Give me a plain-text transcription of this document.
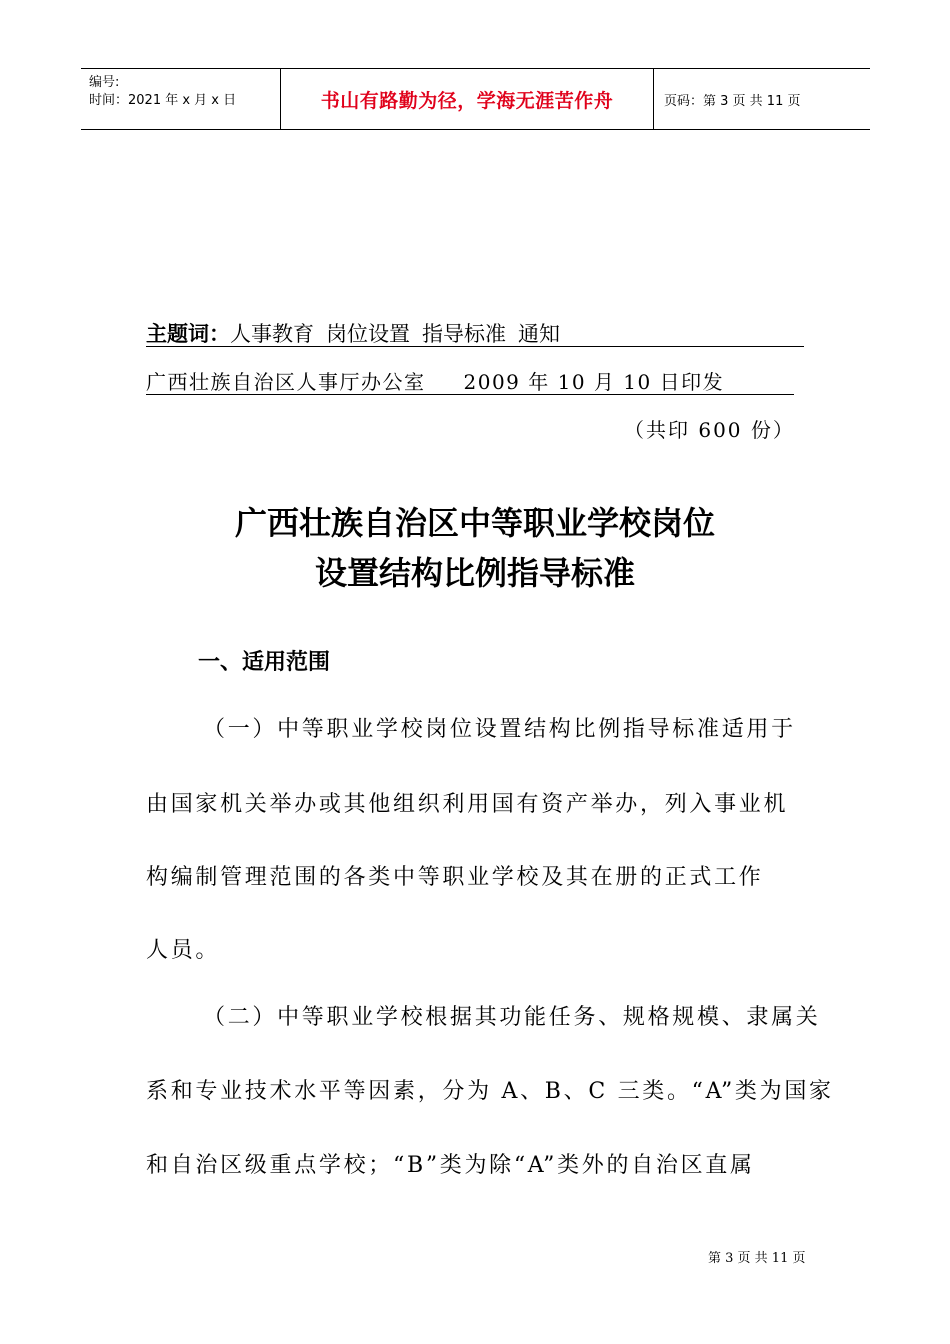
编号:
时间：2021 年 x 月 x 日	书山有路勤为径，学海无涯苦作舟	页码：第 3 页 共 11 页
主题词：人事教育 岗位设置 指导标准 通知
广西壮族自治区人事厅办公室 2009 年 10 月 10 日印发
（共印 600 份）
广西壮族自治区中等职业学校岗位
设置结构比例指导标准
一、适用范围
（一）中等职业学校岗位设置结构比例指导标准适用于
由国家机关举办或其他组织利用国有资产举办，列入事业机
构编制管理范围的各类中等职业学校及其在册的正式工作
人员。
（二）中等职业学校根据其功能任务、规格规模、隶属关
系和专业技术水平等因素，分为 A、B、C 三类。“A”类为国家
和自治区级重点学校；“B”类为除“A”类外的自治区直属
第 3 页 共 11 页
